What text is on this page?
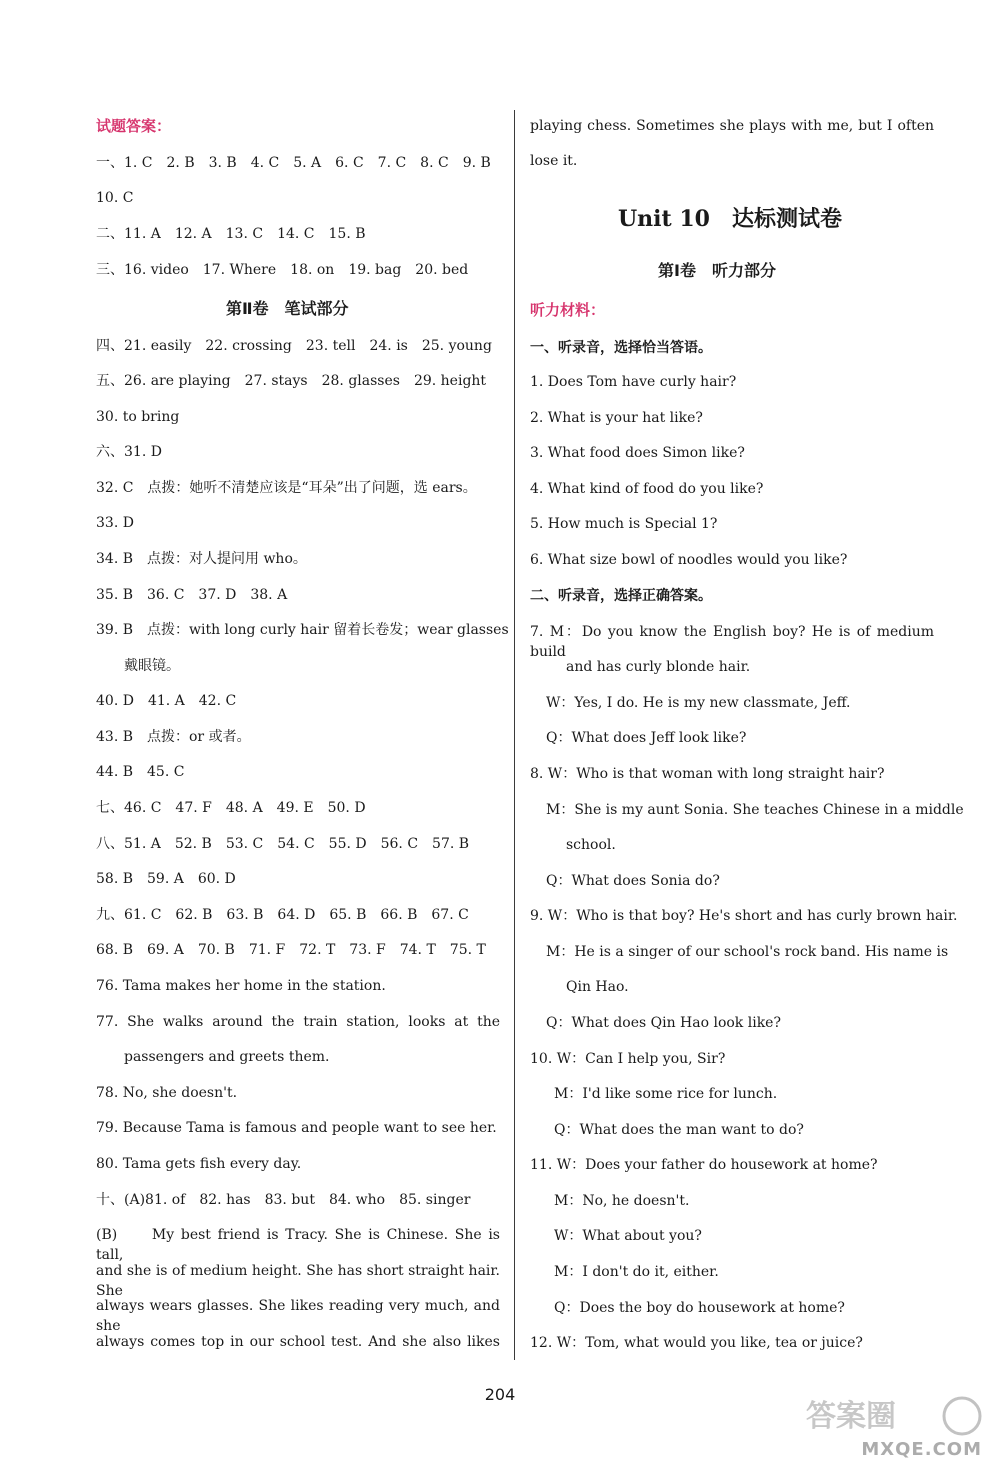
试题答案：
一、1. C　2. B　3. B　4. C　5. A　6. C　7. C　8. C　9. B
10. C
二、11. A　12. A　13. C　14. C　15. B
三、16. video　17. Where　18. on　19. bag　20. bed
第Ⅱ卷　笔试部分
四、21. easily　22. crossing　23. tell　24. is　25. young
五、26. are playing　27. stays　28. glasses　29. height
30. to bring
六、31. D
32. C　点拨：她听不清楚应该是“耳朵”出了问题，选 ears。
33. D
34. B　点拨：对人提问用 who。
35. B　36. C　37. D　38. A
39. B　点拨：with long curly hair 留着长卷发；wear glasses
戴眼镜。
40. D　41. A　42. C
43. B　点拨：or 或者。
44. B　45. C
七、46. C　47. F　48. A　49. E　50. D
八、51. A　52. B　53. C　54. C　55. D　56. C　57. B
58. B　59. A　60. D
九、61. C　62. B　63. B　64. D　65. B　66. B　67. C
68. B　69. A　70. B　71. F　72. T　73. F　74. T　75. T
76. Tama makes her home in the station.
77. She walks around the train station, looks at the
passengers and greets them.
78. No, she doesn't.
79. Because Tama is famous and people want to see her.
80. Tama gets fish every day.
十、(A)81. of　82. has　83. but　84. who　85. singer
(B)　　My best friend is Tracy. She is Chinese. She is tall,
and she is of medium height. She has short straight hair. She
always wears glasses. She likes reading very much, and she
always comes top in our school test. And she also likes
playing chess. Sometimes she plays with me, but I often
lose it.
Unit 10　达标测试卷
第Ⅰ卷　听力部分
听力材料：
一、听录音，选择恰当答语。
1. Does Tom have curly hair?
2. What is your hat like?
3. What food does Simon like?
4. What kind of food do you like?
5. How much is Special 1?
6. What size bowl of noodles would you like?
二、听录音，选择正确答案。
7. M：Do you know the English boy? He is of medium build
and has curly blonde hair.
W：Yes, I do. He is my new classmate, Jeff.
Q：What does Jeff look like?
8. W：Who is that woman with long straight hair?
M：She is my aunt Sonia. She teaches Chinese in a middle
school.
Q：What does Sonia do?
9. W：Who is that boy? He's short and has curly brown hair.
M：He is a singer of our school's rock band. His name is
Qin Hao.
Q：What does Qin Hao look like?
10. W：Can I help you, Sir?
M：I'd like some rice for lunch.
Q：What does the man want to do?
11. W：Does your father do housework at home?
M：No, he doesn't.
W：What about you?
M：I don't do it, either.
Q：Does the boy do housework at home?
12. W：Tom, what would you like, tea or juice?
204
答案圈
MXQE.COM
